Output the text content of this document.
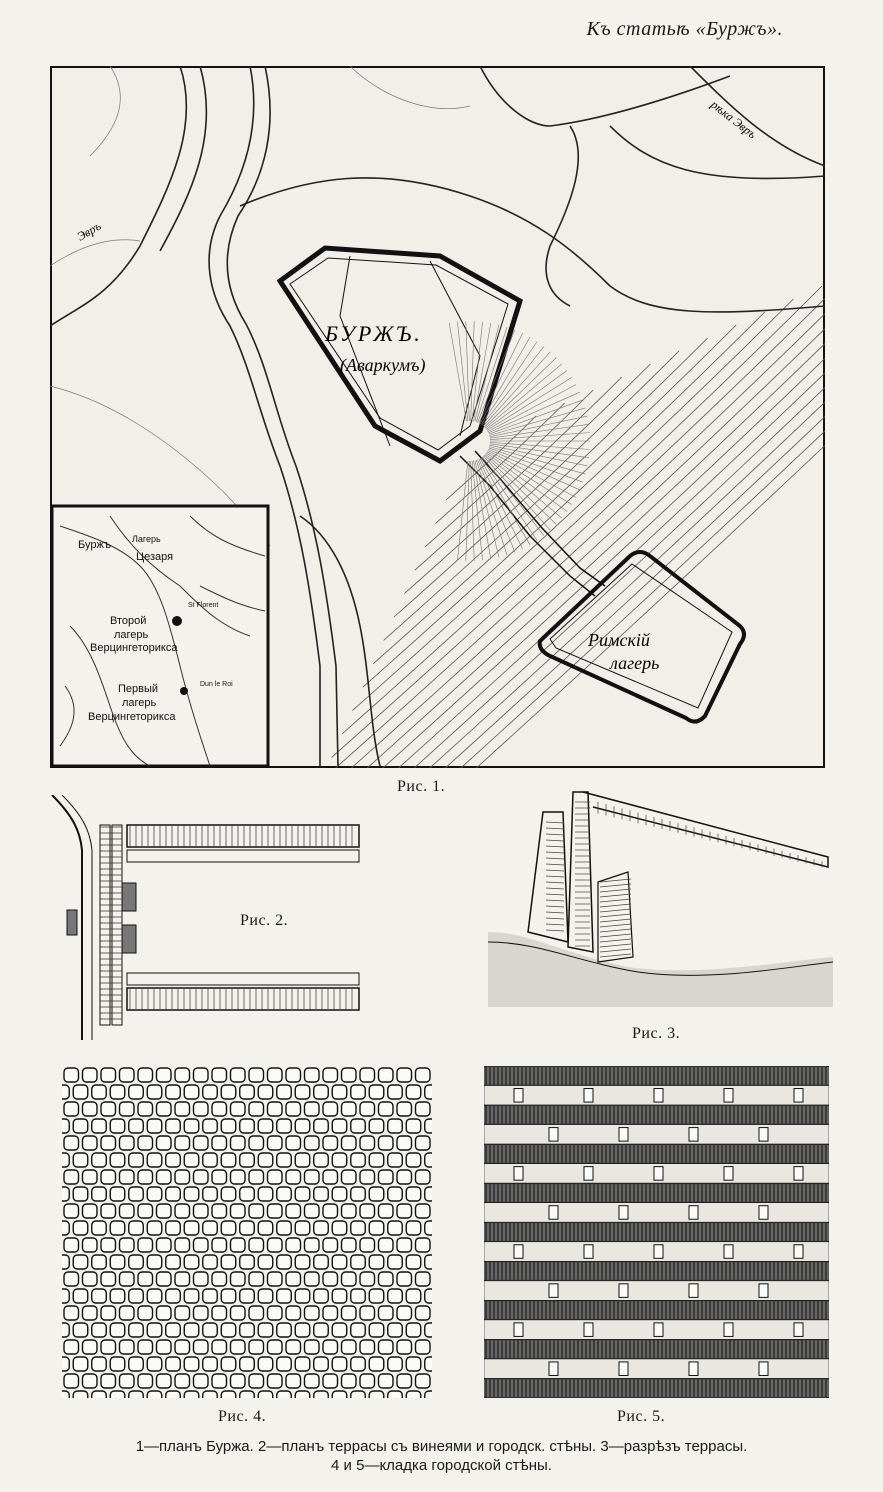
Къ статьѣ «Буржъ».
БУРЖЪ.
(Аваркумъ)
Римскій
лагерь
рѣка Эвръ
Эвръ
Буржъ Лагерь
Цезаря
Второй
лагерь
Верцингеторикса
St Florent
Первый
лагерь
Верцингеторикса
Dun le Roi
Рис. 1.
Рис. 2.
Рис. 3.
Рис. 4.	Рис. 5.
1—планъ Буржа. 2—планъ террасы съ винеями и городск. стѣны. 3—разрѣзъ террасы.
4 и 5—кладка городской стѣны.
